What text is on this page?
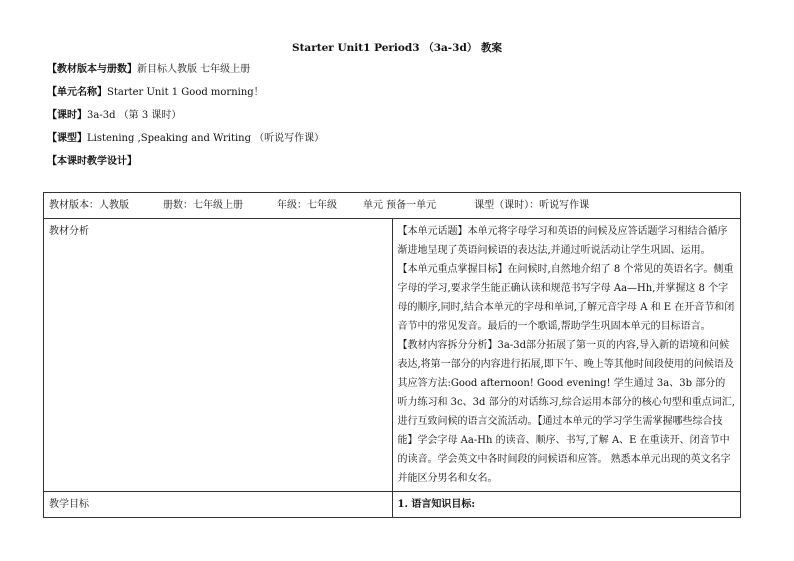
Starter Unit1 Period3 （3a-3d） 教案
【教材版本与册数】新目标人教版 七年级上册
【单元名称】Starter Unit 1 Good morning！
【课时】3a-3d （第 3 课时）
【课型】Listening ,Speaking and Writing （听说写作课）
【本课时教学设计】
教材版本：人教版 册数：七年级上册 年级：七年级 单元 预备一单元 课型（课时）：听说写作课	
教材分析	【本单元话题】本单元将字母学习和英语的问候及应答话题学习相结合循序渐进地呈现了英语问候语的表达法,并通过听说活动让学生巩固、运用。

【本单元重点掌握目标】在问候时,自然地介绍了 8 个常见的英语名字。侧重字母的学习,要求学生能正确认读和规范书写字母 Aa—Hh,并掌握这 8 个字母的顺序,同时,结合本单元的字母和单词,了解元音字母 A 和 E 在开音节和闭音节中的常见发音。最后的一个歌谣,帮助学生巩固本单元的目标语言。

【教材内容拆分分析】3a-3d部分拓展了第一页的内容,导入新的语境和问候表达,将第一部分的内容进行拓展,即下午、晚上等其他时间段使用的问候语及其应答方法:Good afternoon! Good evening! 学生通过 3a、3b 部分的听力练习和 3c、3d 部分的对话练习,综合运用本部分的核心句型和重点词汇,进行互致问候的语言交流活动。【通过本单元的学习学生需掌握哪些综合技能】学会字母 Aa-Hh 的读音、顺序、书写,了解 A、E 在重读开、闭音节中的读音。学会英文中各时间段的问候语和应答。 熟悉本单元出现的英文名字并能区分男名和女名。

教学目标	1. 语言知识目标:
